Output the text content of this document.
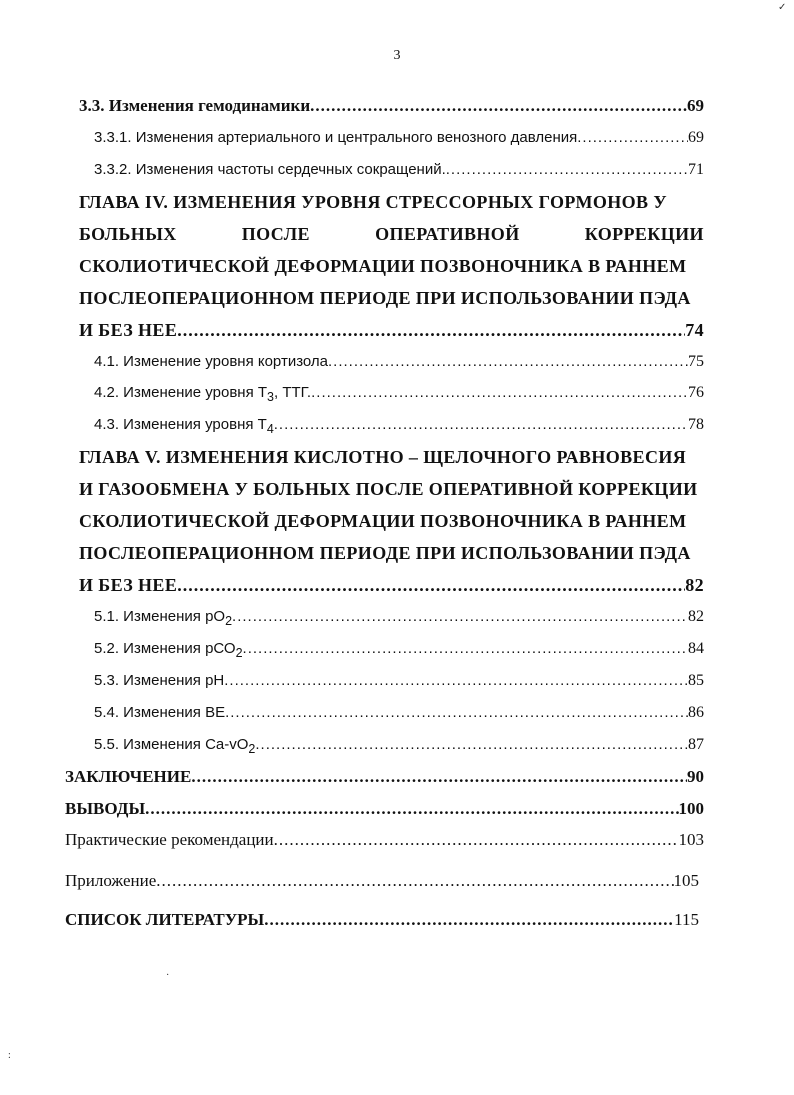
3
3.3. Изменения гемодинамики .....	69
3.3.1. Изменения артериального и центрального венозного давления .....	69
3.3.2. Изменения частоты сердечных сокращений. .....	71
ГЛАВА IV. ИЗМЕНЕНИЯ УРОВНЯ СТРЕССОРНЫХ ГОРМОНОВ У
БОЛЬНЫХ	ПОСЛЕ	ОПЕРАТИВНОЙ	КОРРЕКЦИИ
СКОЛИОТИЧЕСКОЙ ДЕФОРМАЦИИ ПОЗВОНОЧНИКА В РАННЕМ
ПОСЛЕОПЕРАЦИОННОМ ПЕРИОДЕ ПРИ ИСПОЛЬЗОВАНИИ ПЭДА
И БЕЗ НЕЕ .....	74
4.1. Изменение уровня кортизола .....	75
4.2. Изменение уровня $Т_3$, ТТГ. .....	76
4.3. Изменения уровня $Т_4$ .....	78
ГЛАВА V. ИЗМЕНЕНИЯ КИСЛОТНО – ЩЕЛОЧНОГО РАВНОВЕСИЯ
И ГАЗООБМЕНА У БОЛЬНЫХ ПОСЛЕ ОПЕРАТИВНОЙ КОРРЕКЦИИ
СКОЛИОТИЧЕСКОЙ ДЕФОРМАЦИИ ПОЗВОНОЧНИКА В РАННЕМ
ПОСЛЕОПЕРАЦИОННОМ ПЕРИОДЕ ПРИ ИСПОЛЬЗОВАНИИ ПЭДА
И БЕЗ НЕЕ .....	82
5.1. Изменения $рО_2$ .....	82
5.2. Изменения рСО$_2$ .....	84
5.3. Изменения рН .....	85
5.4. Изменения ВЕ .....	86
5.5. Изменения $Ca-vO_2$ .....	87
ЗАКЛЮЧЕНИЕ .....	90
ВЫВОДЫ .....	100
Практические рекомендации .....	103
Приложение .....	105
СПИСОК ЛИТЕРАТУРЫ .....	115
✓
·
:
